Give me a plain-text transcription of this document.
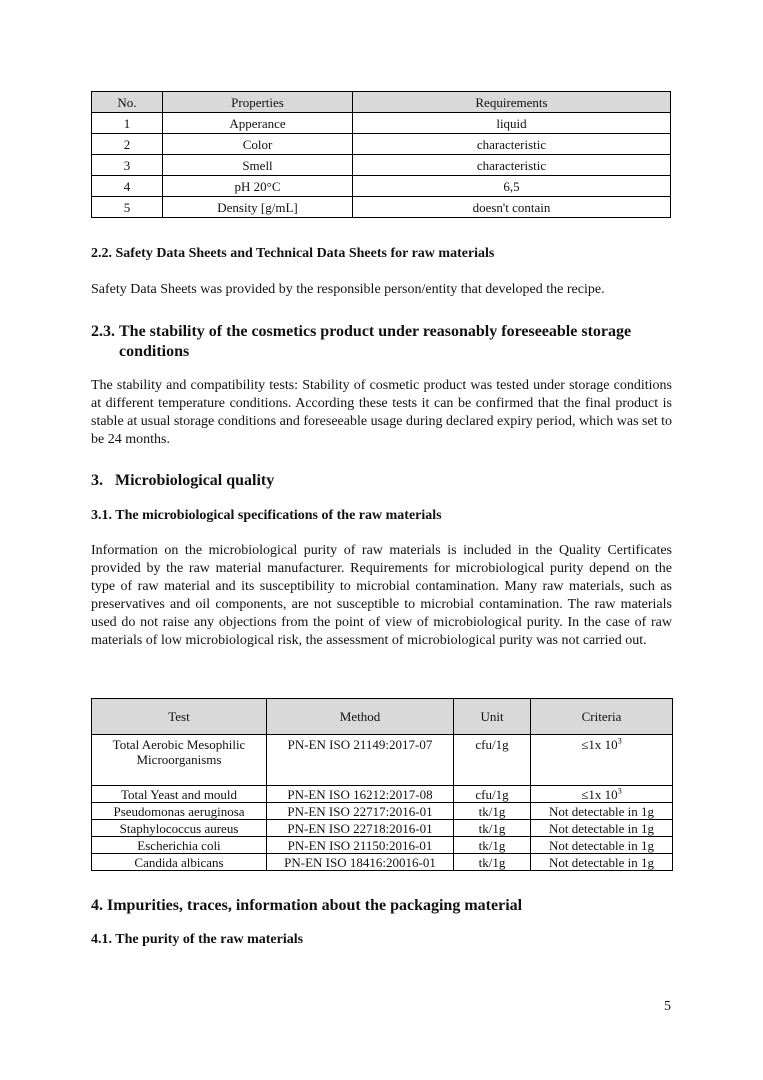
No.	Properties	Requirements
1	Apperance	liquid
2	Color	characteristic
3	Smell	characteristic
4	pH 20°C	6,5
5	Density [g/mL]	doesn't contain
2.2. Safety Data Sheets and Technical Data Sheets for raw materials
Safety Data Sheets was provided by the responsible person/entity that developed the recipe.
2.3. The stability of the cosmetics product under reasonably foreseeable storage
conditions
The stability and compatibility tests: Stability of cosmetic product was tested under storage conditions at different temperature conditions. According these tests it can be confirmed that the final product is stable at usual storage conditions and foreseeable usage during declared expiry period, which was set to be 24 months.
3.   Microbiological quality
3.1. The microbiological specifications of the raw materials
Information on the microbiological purity of raw materials is included in the Quality Certificates provided by the raw material manufacturer. Requirements for microbiological purity depend on the type of raw material and its susceptibility to microbial contamination. Many raw materials, such as preservatives and oil components, are not susceptible to microbial contamination. The raw materials used do not raise any objections from the point of view of microbiological purity. In the case of raw materials of low microbiological risk, the assessment of microbiological purity was not carried out.
Test	Method	Unit	Criteria
Total Aerobic Mesophilic Microorganisms	PN-EN ISO 21149:2017-07	cfu/1g	≤1x $10^3$
Total Yeast and mould	PN-EN ISO 16212:2017-08	cfu/1g	≤1x $10^3$
Pseudomonas aeruginosa	PN-EN ISO 22717:2016-01	tk/1g	Not detectable in 1g
Staphylococcus aureus	PN-EN ISO 22718:2016-01	tk/1g	Not detectable in 1g
Escherichia coli	PN-EN ISO 21150:2016-01	tk/1g	Not detectable in 1g
Candida albicans	PN-EN ISO 18416:20016-01	tk/1g	Not detectable in 1g
4. Impurities, traces, information about the packaging material
4.1. The purity of the raw materials
5
